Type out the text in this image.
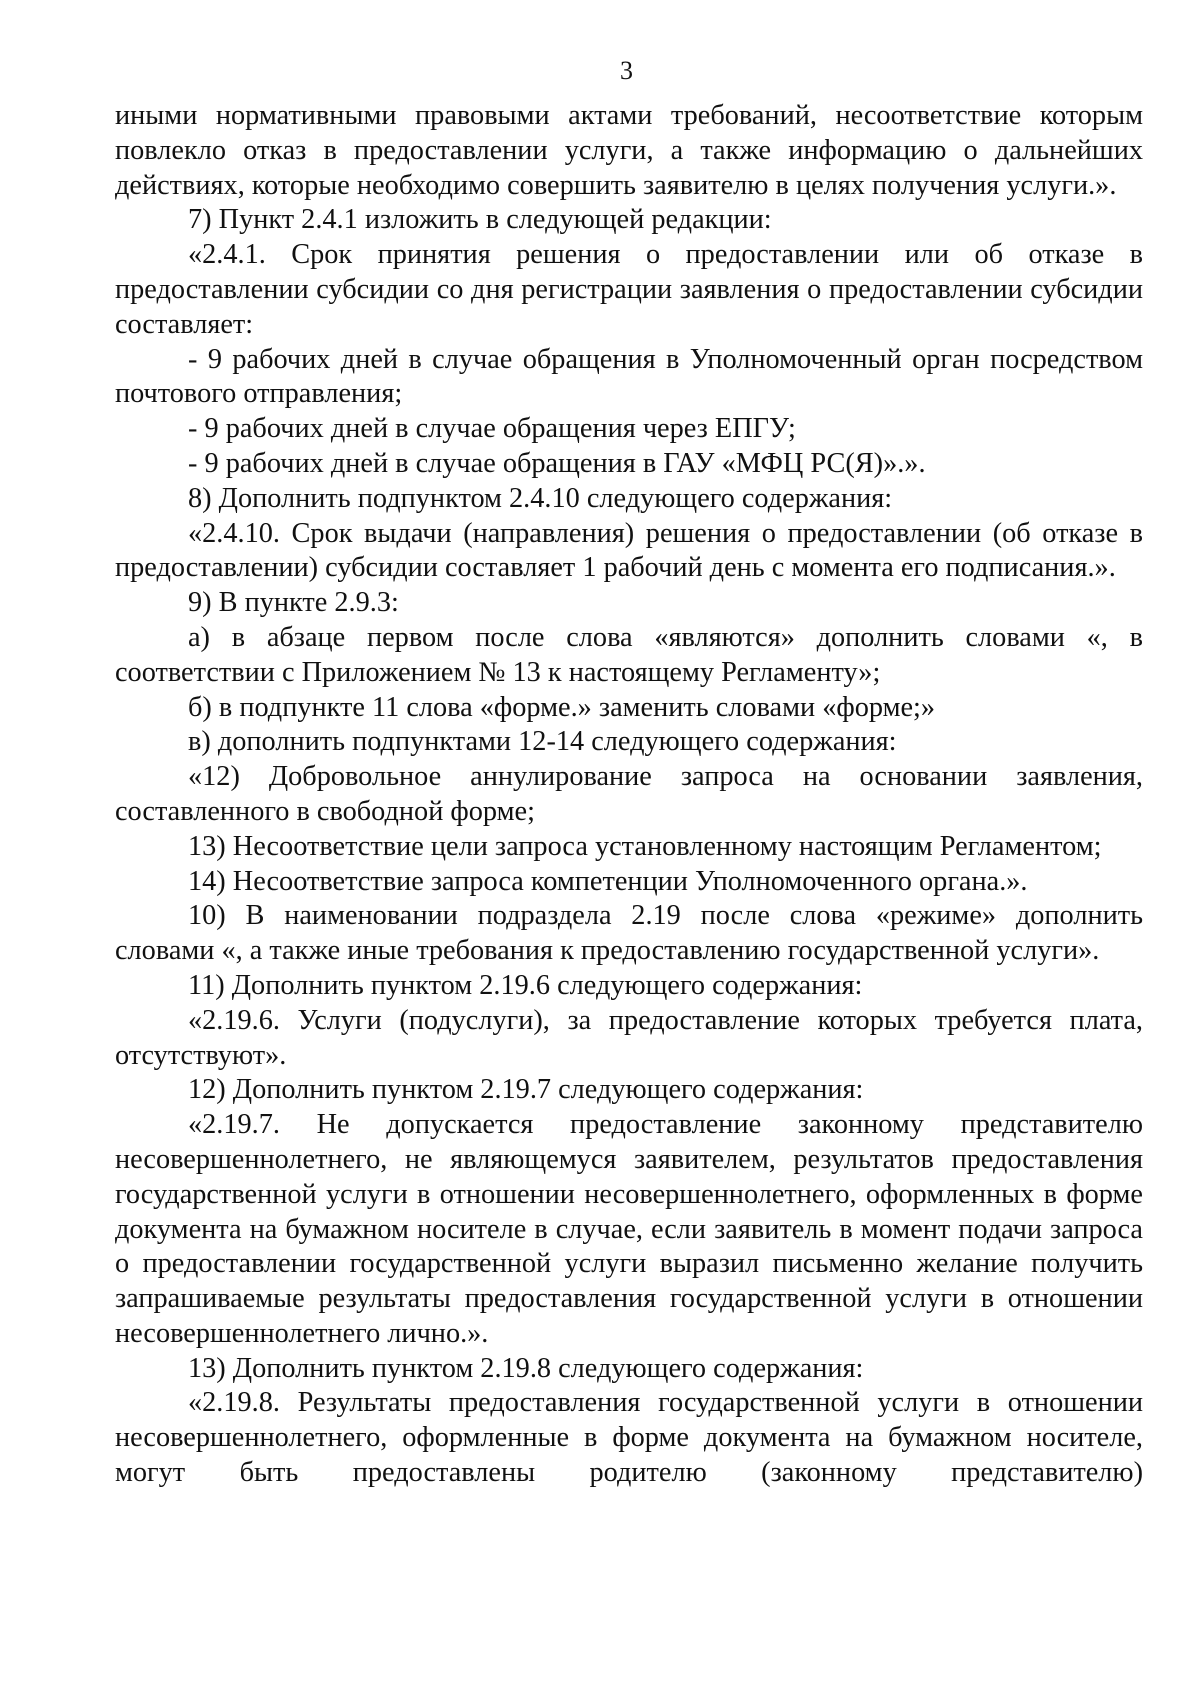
3

иными нормативными правовыми актами требований, несоответствие которым повлекло отказ в предоставлении услуги, а также информацию о дальнейших действиях, которые необходимо совершить заявителю в целях получения услуги.».

7) Пункт 2.4.1 изложить в следующей редакции:

«2.4.1. Срок принятия решения о предоставлении или об отказе в предоставлении субсидии со дня регистрации заявления о предоставлении субсидии составляет:

- 9 рабочих дней в случае обращения в Уполномоченный орган посредством почтового отправления;

- 9 рабочих дней в случае обращения через ЕПГУ;

- 9 рабочих дней в случае обращения в ГАУ «МФЦ РС(Я)».».

8) Дополнить подпунктом 2.4.10 следующего содержания:

«2.4.10. Срок выдачи (направления) решения о предоставлении (об отказе в предоставлении) субсидии составляет 1 рабочий день с момента его подписания.».

9) В пункте 2.9.3:

а) в абзаце первом после слова «являются» дополнить словами «, в соответствии с Приложением № 13 к настоящему Регламенту»;

б) в подпункте 11 слова «форме.» заменить словами «форме;»

в) дополнить подпунктами 12-14 следующего содержания:

«12) Добровольное аннулирование запроса на основании заявления, составленного в свободной форме;

13) Несоответствие цели запроса установленному настоящим Регламентом;

14) Несоответствие запроса компетенции Уполномоченного органа.».

10) В наименовании подраздела 2.19 после слова «режиме» дополнить словами «, а также иные требования к предоставлению государственной услуги».

11) Дополнить пунктом 2.19.6 следующего содержания:

«2.19.6. Услуги (подуслуги), за предоставление которых требуется плата, отсутствуют».

12) Дополнить пунктом 2.19.7 следующего содержания:

«2.19.7. Не допускается предоставление законному представителю несовершеннолетнего, не являющемуся заявителем, результатов предоставления государственной услуги в отношении несовершеннолетнего, оформленных в форме документа на бумажном носителе в случае, если заявитель в момент подачи запроса о предоставлении государственной услуги выразил письменно желание получить запрашиваемые результаты предоставления государственной услуги в отношении несовершеннолетнего лично.».

13) Дополнить пунктом 2.19.8 следующего содержания:

«2.19.8. Результаты предоставления государственной услуги в отношении несовершеннолетнего, оформленные в форме документа на бумажном носителе, могут быть предоставлены родителю (законному представителю)
